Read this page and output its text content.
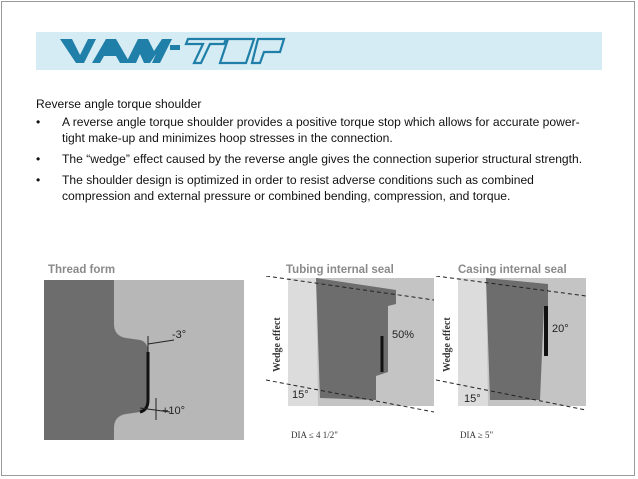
Reverse angle torque shoulder

• A reverse angle torque shoulder provides a positive torque stop which allows for accurate power-tight make-up and minimizes hoop stresses in the connection.
• The “wedge” effect caused by the reverse angle gives the connection superior structural strength.
• The shoulder design is optimized in order to resist adverse conditions such as combined compression and external pressure or combined bending, compression, and torque.
Thread form
-3°
+10°
Tubing internal seal
Wedge effect	50%
15°
DIA ≤ 4 1/2"
Casing internal seal
Wedge effect	20°
15°
DIA ≥ 5"
